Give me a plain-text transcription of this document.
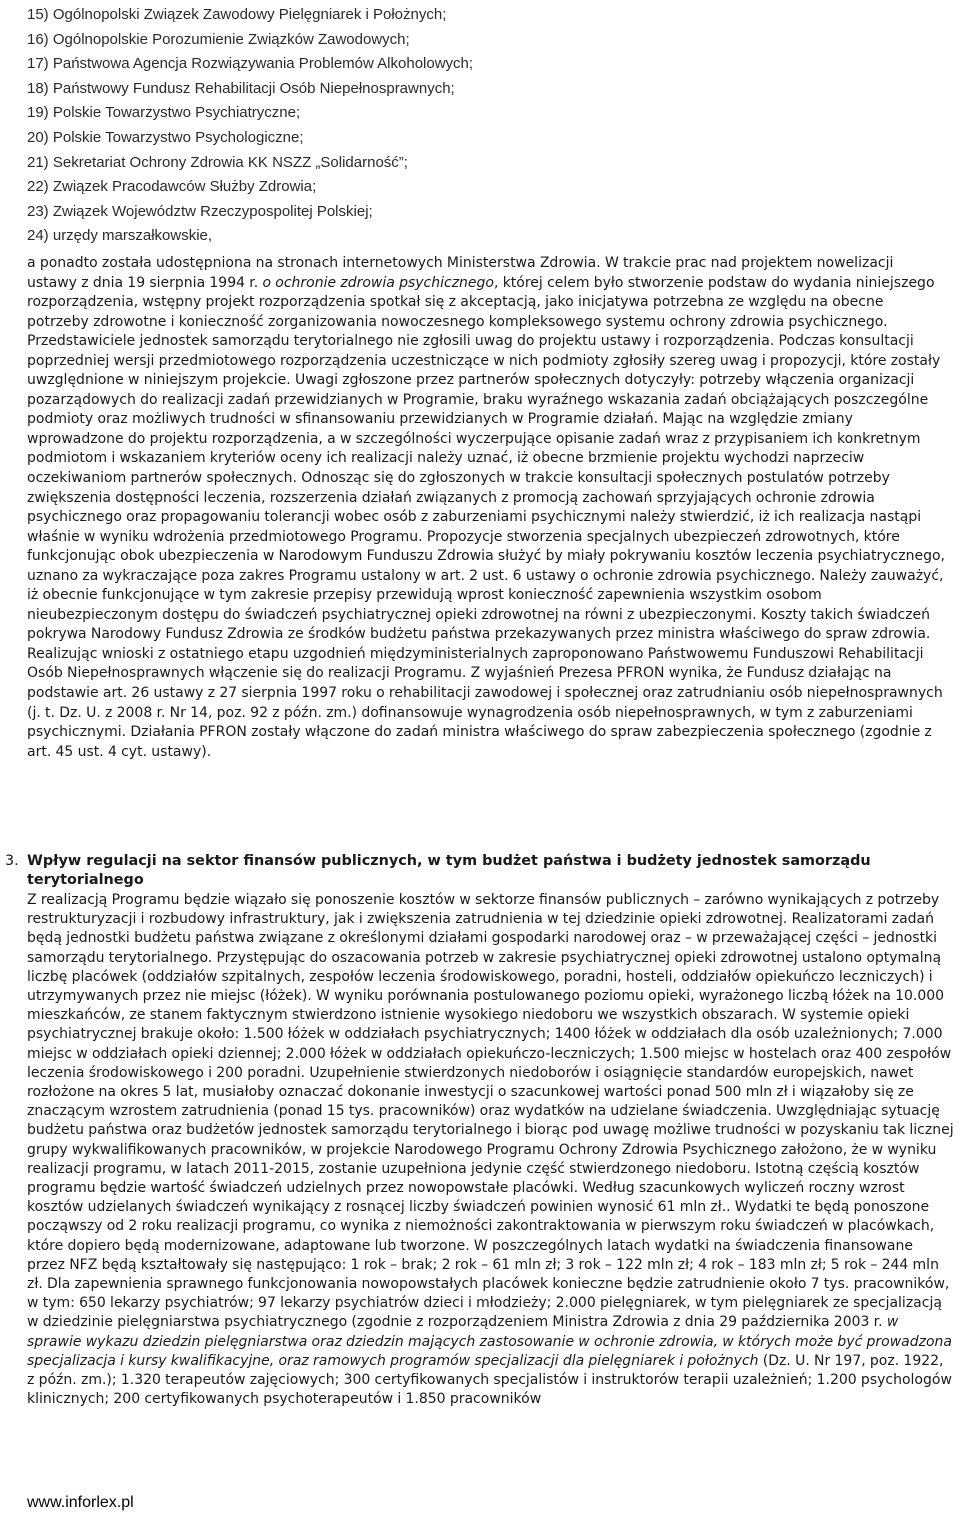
15) Ogólnopolski Związek Zawodowy Pielęgniarek i Położnych;
16) Ogólnopolskie Porozumienie Związków Zawodowych;
17) Państwowa Agencja Rozwiązywania Problemów Alkoholowych;
18) Państwowy Fundusz Rehabilitacji Osób Niepełnosprawnych;
19) Polskie Towarzystwo Psychiatryczne;
20) Polskie Towarzystwo Psychologiczne;
21) Sekretariat Ochrony Zdrowia KK NSZZ „Solidarność”;
22) Związek Pracodawców Służby Zdrowia;
23) Związek Województw Rzeczypospolitej Polskiej;
24) urzędy marszałkowskie,

a ponadto została udostępniona na stronach internetowych Ministerstwa Zdrowia. W trakcie prac nad projektem nowelizacji ustawy z dnia 19 sierpnia 1994 r. o ochronie zdrowia psychicznego, której celem było stworzenie podstaw do wydania niniejszego rozporządzenia, wstępny projekt rozporządzenia spotkał się z akceptacją, jako inicjatywa potrzebna ze względu na obecne potrzeby zdrowotne i konieczność zorganizowania nowoczesnego kompleksowego systemu ochrony zdrowia psychicznego. Przedstawiciele jednostek samorządu terytorialnego nie zgłosili uwag do projektu ustawy i rozporządzenia. Podczas konsultacji poprzedniej wersji przedmiotowego rozporządzenia uczestniczące w nich podmioty zgłosiły szereg uwag i propozycji, które zostały uwzględnione w niniejszym projekcie. Uwagi zgłoszone przez partnerów społecznych dotyczyły: potrzeby włączenia organizacji pozarządowych do realizacji zadań przewidzianych w Programie, braku wyraźnego wskazania zadań obciążających poszczególne podmioty oraz możliwych trudności w sfinansowaniu przewidzianych w Programie działań. Mając na względzie zmiany wprowadzone do projektu rozporządzenia, a w szczególności wyczerpujące opisanie zadań wraz z przypisaniem ich konkretnym podmiotom i wskazaniem kryteriów oceny ich realizacji należy uznać, iż obecne brzmienie projektu wychodzi naprzeciw oczekiwaniom partnerów społecznych. Odnosząc się do zgłoszonych w trakcie konsultacji społecznych postulatów potrzeby zwiększenia dostępności leczenia, rozszerzenia działań związanych z promocją zachowań sprzyjających ochronie zdrowia psychicznego oraz propagowaniu tolerancji wobec osób z zaburzeniami psychicznymi należy stwierdzić, iż ich realizacja nastąpi właśnie w wyniku wdrożenia przedmiotowego Programu. Propozycje stworzenia specjalnych ubezpieczeń zdrowotnych, które funkcjonując obok ubezpieczenia w Narodowym Funduszu Zdrowia służyć by miały pokrywaniu kosztów leczenia psychiatrycznego, uznano za wykraczające poza zakres Programu ustalony w art. 2 ust. 6 ustawy o ochronie zdrowia psychicznego. Należy zauważyć, iż obecnie funkcjonujące w tym zakresie przepisy przewidują wprost konieczność zapewnienia wszystkim osobom nieubezpieczonym dostępu do świadczeń psychiatrycznej opieki zdrowotnej na równi z ubezpieczonymi. Koszty takich świadczeń pokrywa Narodowy Fundusz Zdrowia ze środków budżetu państwa przekazywanych przez ministra właściwego do spraw zdrowia. Realizując wnioski z ostatniego etapu uzgodnień międzyministerialnych zaproponowano Państwowemu Funduszowi Rehabilitacji Osób Niepełnosprawnych włączenie się do realizacji Programu. Z wyjaśnień Prezesa PFRON wynika, że Fundusz działając na podstawie art. 26 ustawy z 27 sierpnia 1997 roku o rehabilitacji zawodowej i społecznej oraz zatrudnianiu osób niepełnosprawnych (j. t. Dz. U. z 2008 r. Nr 14, poz. 92 z późn. zm.) dofinansowuje wynagrodzenia osób niepełnosprawnych, w tym z zaburzeniami psychicznymi. Działania PFRON zostały włączone do zadań ministra właściwego do spraw zabezpieczenia społecznego (zgodnie z art. 45 ust. 4 cyt. ustawy).

3. Wpływ regulacji na sektor finansów publicznych, w tym budżet państwa i budżety jednostek samorządu terytorialnego

Z realizacją Programu będzie wiązało się ponoszenie kosztów w sektorze finansów publicznych – zarówno wynikających z potrzeby restrukturyzacji i rozbudowy infrastruktury, jak i zwiększenia zatrudnienia w tej dziedzinie opieki zdrowotnej. Realizatorami zadań będą jednostki budżetu państwa związane z określonymi działami gospodarki narodowej oraz – w przeważającej części – jednostki samorządu terytorialnego. Przystępując do oszacowania potrzeb w zakresie psychiatrycznej opieki zdrowotnej ustalono optymalną liczbę placówek (oddziałów szpitalnych, zespołów leczenia środowiskowego, poradni, hosteli, oddziałów opiekuńczo leczniczych) i utrzymywanych przez nie miejsc (łóżek). W wyniku porównania postulowanego poziomu opieki, wyrażonego liczbą łóżek na 10.000 mieszkańców, ze stanem faktycznym stwierdzono istnienie wysokiego niedoboru we wszystkich obszarach. W systemie opieki psychiatrycznej brakuje około: 1.500 łóżek w oddziałach psychiatrycznych; 1400 łóżek w oddziałach dla osób uzależnionych; 7.000 miejsc w oddziałach opieki dziennej; 2.000 łóżek w oddziałach opiekuńczo-leczniczych; 1.500 miejsc w hostelach oraz 400 zespołów leczenia środowiskowego i 200 poradni. Uzupełnienie stwierdzonych niedoborów i osiągnięcie standardów europejskich, nawet rozłożone na okres 5 lat, musiałoby oznaczać dokonanie inwestycji o szacunkowej wartości ponad 500 mln zł i wiązałoby się ze znaczącym wzrostem zatrudnienia (ponad 15 tys. pracowników) oraz wydatków na udzielane świadczenia. Uwzględniając sytuację budżetu państwa oraz budżetów jednostek samorządu terytorialnego i biorąc pod uwagę możliwe trudności w pozyskaniu tak licznej grupy wykwalifikowanych pracowników, w projekcie Narodowego Programu Ochrony Zdrowia Psychicznego założono, że w wyniku realizacji programu, w latach 2011-2015, zostanie uzupełniona jedynie część stwierdzonego niedoboru. Istotną częścią kosztów programu będzie wartość świadczeń udzielnych przez nowopowstałe placówki. Według szacunkowych wyliczeń roczny wzrost kosztów udzielanych świadczeń wynikający z rosnącej liczby świadczeń powinien wynosić 61 mln zł.. Wydatki te będą ponoszone począwszy od 2 roku realizacji programu, co wynika z niemożności zakontraktowania w pierwszym roku świadczeń w placówkach, które dopiero będą modernizowane, adaptowane lub tworzone. W poszczególnych latach wydatki na świadczenia finansowane przez NFZ będą kształtowały się następująco: 1 rok – brak; 2 rok – 61 mln zł; 3 rok – 122 mln zł; 4 rok – 183 mln zł; 5 rok – 244 mln zł. Dla zapewnienia sprawnego funkcjonowania nowopowstałych placówek konieczne będzie zatrudnienie około 7 tys. pracowników, w tym: 650 lekarzy psychiatrów; 97 lekarzy psychiatrów dzieci i młodzieży; 2.000 pielęgniarek, w tym pielęgniarek ze specjalizacją w dziedzinie pielęgniarstwa psychiatrycznego (zgodnie z rozporządzeniem Ministra Zdrowia z dnia 29 października 2003 r. w sprawie wykazu dziedzin pielęgniarstwa oraz dziedzin mających zastosowanie w ochronie zdrowia, w których może być prowadzona specjalizacja i kursy kwalifikacyjne, oraz ramowych programów specjalizacji dla pielęgniarek i położnych (Dz. U. Nr 197, poz. 1922, z późn. zm.); 1.320 terapeutów zajęciowych; 300 certyfikowanych specjalistów i instruktorów terapii uzależnień; 1.200 psychologów klinicznych; 200 certyfikowanych psychoterapeutów i 1.850 pracowników

www.inforlex.pl
